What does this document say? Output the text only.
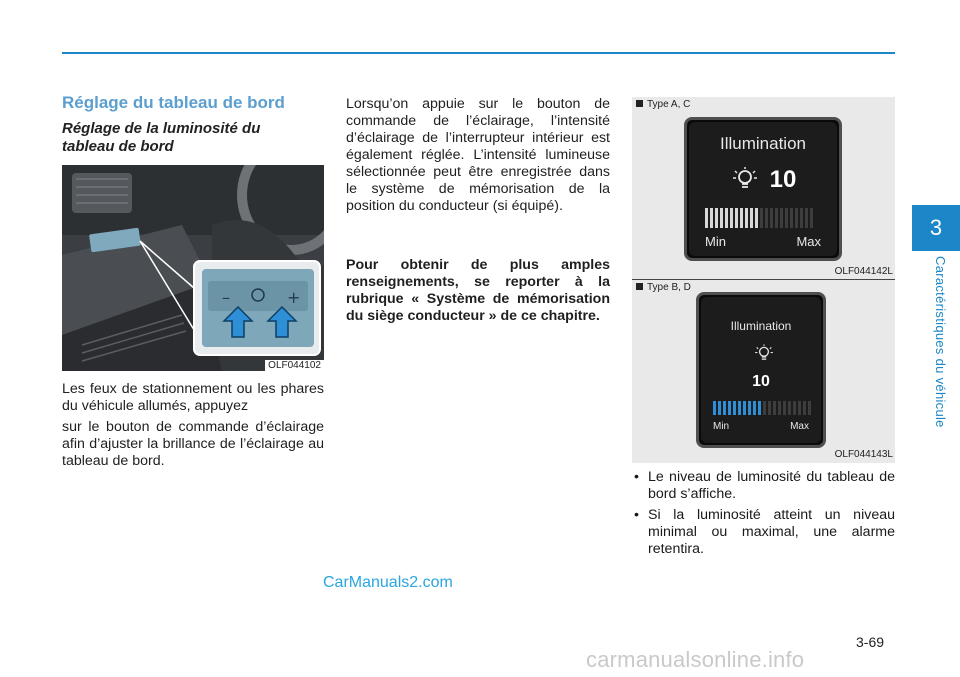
3
Caractéristiques du véhicule
Réglage du tableau de bord
Réglage de la luminosité du tableau de bord
–	+
OLF044102

Les feux de stationnement ou les phares du véhicule allumés, appuyez

sur le bouton de commande d’éclairage afin d’ajuster la brillance de l’éclairage au tableau de bord.

Lorsqu’on appuie sur le bouton de commande de l’éclairage, l’intensité d’éclairage de l’interrupteur intérieur est également réglée. L’intensité lumineuse sélectionnée peut être enregistrée dans le système de mémorisation de la position du conducteur (si équipé).

Pour obtenir de plus amples renseignements, se reporter à la rubrique « Système de mémorisation du siège conducteur » de ce chapitre.

Type A, C
Illumination
10
Min	Max
OLF044142L
Type B, D
Illumination
10
Min	Max
OLF044143L
• Le niveau de luminosité du tableau de bord s’affiche.
• Si la luminosité atteint un niveau minimal ou maximal, une alarme retentira.
CarManuals2.com
3-69
carmanualsonline.info
